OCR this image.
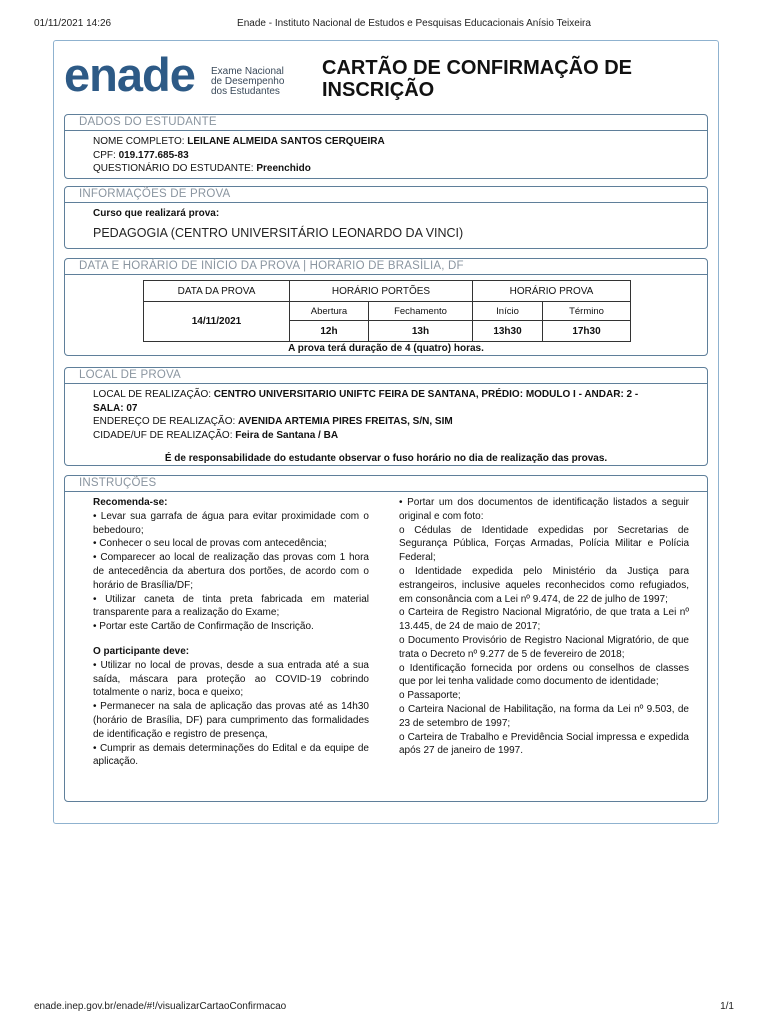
01/11/2021 14:26	Enade - Instituto Nacional de Estudos e Pesquisas Educacionais Anísio Teixeira
enade Exame Nacional
de Desempenho
dos Estudantes
CARTÃO DE CONFIRMAÇÃO DE
INSCRIÇÃO
DADOS DO ESTUDANTE
NOME COMPLETO: LEILANE ALMEIDA SANTOS CERQUEIRA
CPF: 019.177.685-83
QUESTIONÁRIO DO ESTUDANTE: Preenchido
INFORMAÇÕES DE PROVA
Curso que realizará prova:
PEDAGOGIA (CENTRO UNIVERSITÁRIO LEONARDO DA VINCI)
DATA E HORÁRIO DE INÍCIO DA PROVA | HORÁRIO DE BRASÍLIA, DF
DATA DA PROVA	HORÁRIO PORTÕES		HORÁRIO PROVA	
14/11/2021	Abertura	Fechamento	Início	Término
	12h	13h	13h30	17h30
A prova terá duração de 4 (quatro) horas.
LOCAL DE PROVA
LOCAL DE REALIZAÇÃO: CENTRO UNIVERSITARIO UNIFTC FEIRA DE SANTANA, PRÉDIO: MODULO I - ANDAR: 2 -
SALA: 07
ENDEREÇO DE REALIZAÇÃO: AVENIDA ARTEMIA PIRES FREITAS, S/N, SIM
CIDADE/UF DE REALIZAÇÃO: Feira de Santana / BA
É de responsabilidade do estudante observar o fuso horário no dia de realização das provas.
INSTRUÇÕES

Recomenda-se:

• Levar sua garrafa de água para evitar proximidade com o bebedouro;

• Conhecer o seu local de provas com antecedência;

• Comparecer ao local de realização das provas com 1 hora de antecedência da abertura dos portões, de acordo com o horário de Brasília/DF;

• Utilizar caneta de tinta preta fabricada em material transparente para a realização do Exame;

• Portar este Cartão de Confirmação de Inscrição.

O participante deve:

• Utilizar no local de provas, desde a sua entrada até a sua saída, máscara para proteção ao COVID-19 cobrindo totalmente o nariz, boca e queixo;

• Permanecer na sala de aplicação das provas até as 14h30 (horário de Brasília, DF) para cumprimento das formalidades de identificação e registro de presença,

• Cumprir as demais determinações do Edital e da equipe de aplicação.

• Portar um dos documentos de identificação listados a seguir original e com foto:

o Cédulas de Identidade expedidas por Secretarias de Segurança Pública, Forças Armadas, Polícia Militar e Polícia Federal;

o Identidade expedida pelo Ministério da Justiça para estrangeiros, inclusive aqueles reconhecidos como refugiados, em consonância com a Lei nº 9.474, de 22 de julho de 1997;

o Carteira de Registro Nacional Migratório, de que trata a Lei nº 13.445, de 24 de maio de 2017;

o Documento Provisório de Registro Nacional Migratório, de que trata o Decreto nº 9.277 de 5 de fevereiro de 2018;

o Identificação fornecida por ordens ou conselhos de classes que por lei tenha validade como documento de identidade;

o Passaporte;

o Carteira Nacional de Habilitação, na forma da Lei nº 9.503, de 23 de setembro de 1997;

o Carteira de Trabalho e Previdência Social impressa e expedida após 27 de janeiro de 1997.

enade.inep.gov.br/enade/#!/visualizarCartaoConfirmacao	1/1
